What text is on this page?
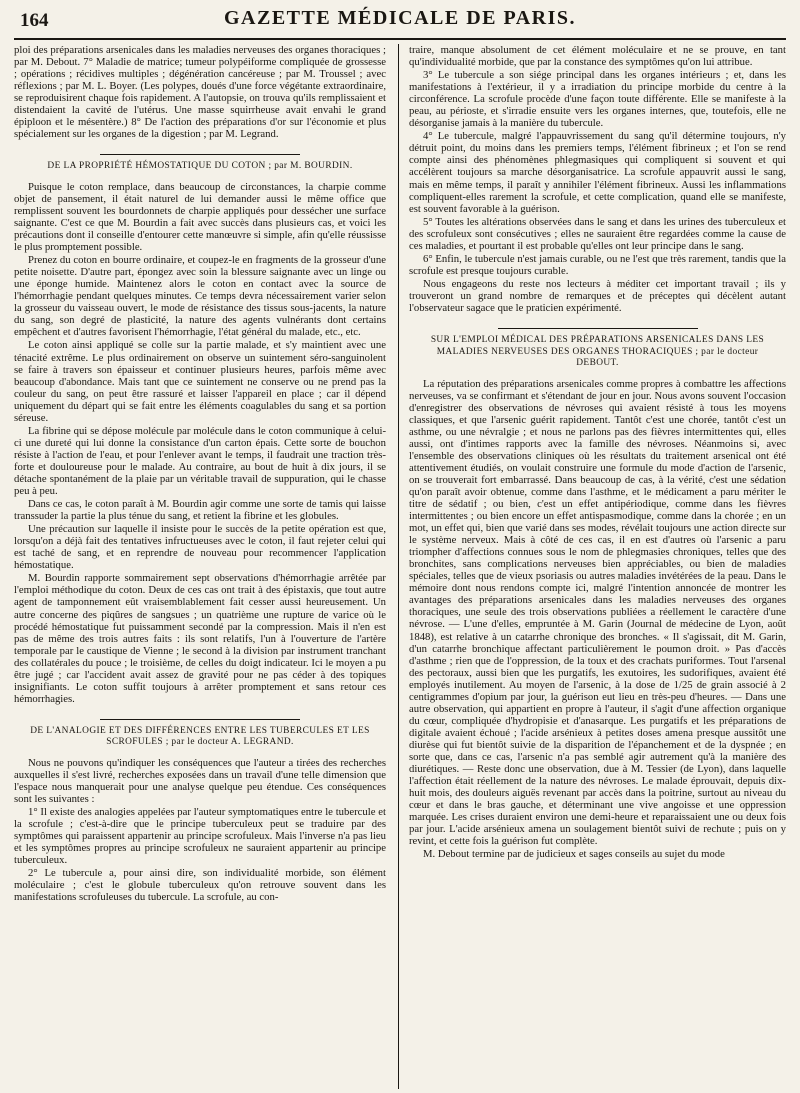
164	GAZETTE MÉDICALE DE PARIS.

ploi des préparations arsenicales dans les maladies nerveuses des organes thoraciques ; par M. Debout. 7° Maladie de matrice; tumeur polypéiforme compliquée de grossesse ; opérations ; récidives multiples ; dégénération cancéreuse ; par M. Troussel ; avec réflexions ; par M. L. Boyer. (Les polypes, doués d'une force végétante extraordinaire, se reproduisirent chaque fois rapidement. A l'autopsie, on trouva qu'ils remplissaient et distendaient la cavité de l'utérus. Une masse squirrheuse avait envahi le grand épiploon et le mésentère.) 8° De l'action des préparations d'or sur l'économie et plus spécialement sur les organes de la digestion ; par M. Legrand.

DE LA PROPRIÉTÉ HÉMOSTATIQUE DU COTON ; par M. BOURDIN.

Puisque le coton remplace, dans beaucoup de circonstances, la charpie comme objet de pansement, il était naturel de lui demander aussi le même office que remplissent souvent les bourdonnets de charpie appliqués pour dessécher une surface saignante. C'est ce que M. Bourdin a fait avec succès dans plusieurs cas, et voici les précautions dont il conseille d'entourer cette manœuvre si simple, afin qu'elle réussisse le plus promptement possible.

Prenez du coton en bourre ordinaire, et coupez-le en fragments de la grosseur d'une petite noisette. D'autre part, épongez avec soin la blessure saignante avec un linge ou une éponge humide. Maintenez alors le coton en contact avec la source de l'hémorrhagie pendant quelques minutes. Ce temps devra nécessairement varier selon la grosseur du vaisseau ouvert, le mode de résistance des tissus sous-jacents, la nature du sang, son degré de plasticité, la nature des agents vulnérants dont certains empêchent et d'autres favorisent l'hémorrhagie, l'état général du malade, etc., etc.

Le coton ainsi appliqué se colle sur la partie malade, et s'y maintient avec une ténacité extrême. Le plus ordinairement on observe un suintement séro-sanguinolent se faire à travers son épaisseur et continuer plusieurs heures, parfois même avec beaucoup d'abondance. Mais tant que ce suintement ne conserve ou ne prend pas la couleur du sang, on peut être rassuré et laisser l'appareil en place ; car il dépend uniquement du départ qui se fait entre les éléments coagulables du sang et sa portion séreuse.

La fibrine qui se dépose molécule par molécule dans le coton communique à celui-ci une dureté qui lui donne la consistance d'un carton épais. Cette sorte de bouchon résiste à l'action de l'eau, et pour l'enlever avant le temps, il faudrait une traction très-forte et douloureuse pour le malade. Au contraire, au bout de huit à dix jours, il se détache spontanément de la plaie par un véritable travail de suppuration, qui le chasse peu à peu.

Dans ce cas, le coton paraît à M. Bourdin agir comme une sorte de tamis qui laisse transsuder la partie la plus ténue du sang, et retient la fibrine et les globules.

Une précaution sur laquelle il insiste pour le succès de la petite opération est que, lorsqu'on a déjà fait des tentatives infructueuses avec le coton, il faut rejeter celui qui est taché de sang, et en reprendre de nouveau pour recommencer l'application hémostatique.

M. Bourdin rapporte sommairement sept observations d'hémorrhagie arrêtée par l'emploi méthodique du coton. Deux de ces cas ont trait à des épistaxis, que tout autre agent de tamponnement eût vraisemblablement fait cesser aussi heureusement. Un autre concerne des piqûres de sangsues ; un quatrième une rupture de varice où le procédé hémostatique fut puissamment secondé par la compression. Mais il n'en est pas de même des trois autres faits : ils sont relatifs, l'un à l'ouverture de l'artère temporale par le caustique de Vienne ; le second à la division par instrument tranchant des collatérales du pouce ; le troisième, de celles du doigt indicateur. Ici le moyen a pu être jugé ; car l'accident avait assez de gravité pour ne pas céder à des topiques insignifiants. Le coton suffit toujours à arrêter promptement et sans retour ces hémorrhagies.

DE L'ANALOGIE ET DES DIFFÉRENCES ENTRE LES TUBERCULES ET LES SCROFULES ; par le docteur A. LEGRAND.

Nous ne pouvons qu'indiquer les conséquences que l'auteur a tirées des recherches auxquelles il s'est livré, recherches exposées dans un travail d'une telle dimension que l'espace nous manquerait pour une analyse quelque peu étendue. Ces conséquences sont les suivantes :

1° Il existe des analogies appelées par l'auteur symptomatiques entre le tubercule et la scrofule ; c'est-à-dire que le principe tuberculeux peut se traduire par des symptômes qui paraissent appartenir au principe scrofuleux. Mais l'inverse n'a pas lieu et les symptômes propres au principe scrofuleux ne sauraient appartenir au principe tuberculeux.

2° Le tubercule a, pour ainsi dire, son individualité morbide, son élément moléculaire ; c'est le globule tuberculeux qu'on retrouve souvent dans les manifestations scrofuleuses du tubercule. La scrofule, au con-

traire, manque absolument de cet élément moléculaire et ne se prouve, en tant qu'individualité morbide, que par la constance des symptômes qu'on lui attribue.

3° Le tubercule a son siége principal dans les organes intérieurs ; et, dans les manifestations à l'extérieur, il y a irradiation du principe morbide du centre à la circonférence. La scrofule procède d'une façon toute différente. Elle se manifeste à la peau, au périoste, et s'irradie ensuite vers les organes internes, que, toutefois, elle ne désorganise jamais à la manière du tubercule.

4° Le tubercule, malgré l'appauvrissement du sang qu'il détermine toujours, n'y détruit point, du moins dans les premiers temps, l'élément fibrineux ; et l'on se rend compte ainsi des phénomènes phlegmasiques qui compliquent si souvent et qui accélèrent toujours sa marche désorganisatrice. La scrofule appauvrit aussi le sang, mais en même temps, il paraît y annihiler l'élément fibrineux. Aussi les inflammations compliquent-elles rarement la scrofule, et cette complication, quand elle se manifeste, est souvent favorable à la guérison.

5° Toutes les altérations observées dans le sang et dans les urines des tuberculeux et des scrofuleux sont consécutives ; elles ne sauraient être regardées comme la cause de ces maladies, et pourtant il est probable qu'elles ont leur principe dans le sang.

6° Enfin, le tubercule n'est jamais curable, ou ne l'est que très rarement, tandis que la scrofule est presque toujours curable.

Nous engageons du reste nos lecteurs à méditer cet important travail ; ils y trouveront un grand nombre de remarques et de préceptes qui décèlent autant l'observateur sagace que le praticien expérimenté.

SUR L'EMPLOI MÉDICAL DES PRÉPARATIONS ARSENICALES DANS LES MALADIES NERVEUSES DES ORGANES THORACIQUES ; par le docteur DEBOUT.

La réputation des préparations arsenicales comme propres à combattre les affections nerveuses, va se confirmant et s'étendant de jour en jour. Nous avons souvent l'occasion d'enregistrer des observations de névroses qui avaient résisté à tous les moyens classiques, et que l'arsenic guérit rapidement. Tantôt c'est une chorée, tantôt c'est un asthme, ou une névralgie ; et nous ne parlons pas des fièvres intermittentes qui, elles aussi, ont d'intimes rapports avec la famille des névroses. Néanmoins si, avec l'ensemble des observations cliniques où les résultats du traitement arsenical ont été attentivement étudiés, on voulait construire une formule du mode d'action de l'arsenic, on se trouverait fort embarrassé. Dans beaucoup de cas, à la vérité, c'est une sédation qu'on paraît avoir obtenue, comme dans l'asthme, et le médicament a paru mériter le titre de sédatif ; ou bien, c'est un effet antipériodique, comme dans les fièvres intermittentes ; ou bien encore un effet antispasmodique, comme dans la chorée ; en un mot, un effet qui, bien que varié dans ses modes, révélait toujours une action directe sur le système nerveux. Mais à côté de ces cas, il en est d'autres où l'arsenic a paru triompher d'affections connues sous le nom de phlegmasies chroniques, telles que des bronchites, sans complications nerveuses bien appréciables, ou bien de maladies spéciales, telles que de vieux psoriasis ou autres maladies invétérées de la peau. Dans le mémoire dont nous rendons compte ici, malgré l'intention annoncée de montrer les avantages des préparations arsenicales dans les maladies nerveuses des organes thoraciques, une seule des trois observations publiées a réellement le caractère d'une névrose. — L'une d'elles, empruntée à M. Garin (Journal de médecine de Lyon, août 1848), est relative à un catarrhe chronique des bronches. « Il s'agissait, dit M. Garin, d'un catarrhe bronchique affectant particulièrement le poumon droit. » Pas d'accès d'asthme ; rien que de l'oppression, de la toux et des crachats puriformes. Tout l'arsenal des pectoraux, aussi bien que les purgatifs, les exutoires, les sudorifiques, avaient été employés inutilement. Au moyen de l'arsenic, à la dose de 1/25 de grain associé à 2 centigrammes d'opium par jour, la guérison eut lieu en très-peu d'heures. — Dans une autre observation, qui appartient en propre à l'auteur, il s'agit d'une affection organique du cœur, compliquée d'hydropisie et d'anasarque. Les purgatifs et les préparations de digitale avaient échoué ; l'acide arsénieux à petites doses amena presque aussitôt une diurèse qui fut bientôt suivie de la disparition de l'épanchement et de la dyspnée ; en sorte que, dans ce cas, l'arsenic n'a pas semblé agir autrement qu'à la manière des diurétiques. — Reste donc une observation, due à M. Tessier (de Lyon), dans laquelle l'affection était réellement de la nature des névroses. Le malade éprouvait, depuis dix-huit mois, des douleurs aiguës revenant par accès dans la poitrine, surtout au niveau du cœur et dans le bras gauche, et déterminant une vive angoisse et une oppression marquée. Les crises duraient environ une demi-heure et reparaissaient une ou deux fois par jour. L'acide arsénieux amena un soulagement bientôt suivi de rechute ; puis on y revint, et cette fois la guérison fut complète.

M. Debout termine par de judicieux et sages conseils au sujet du mode
